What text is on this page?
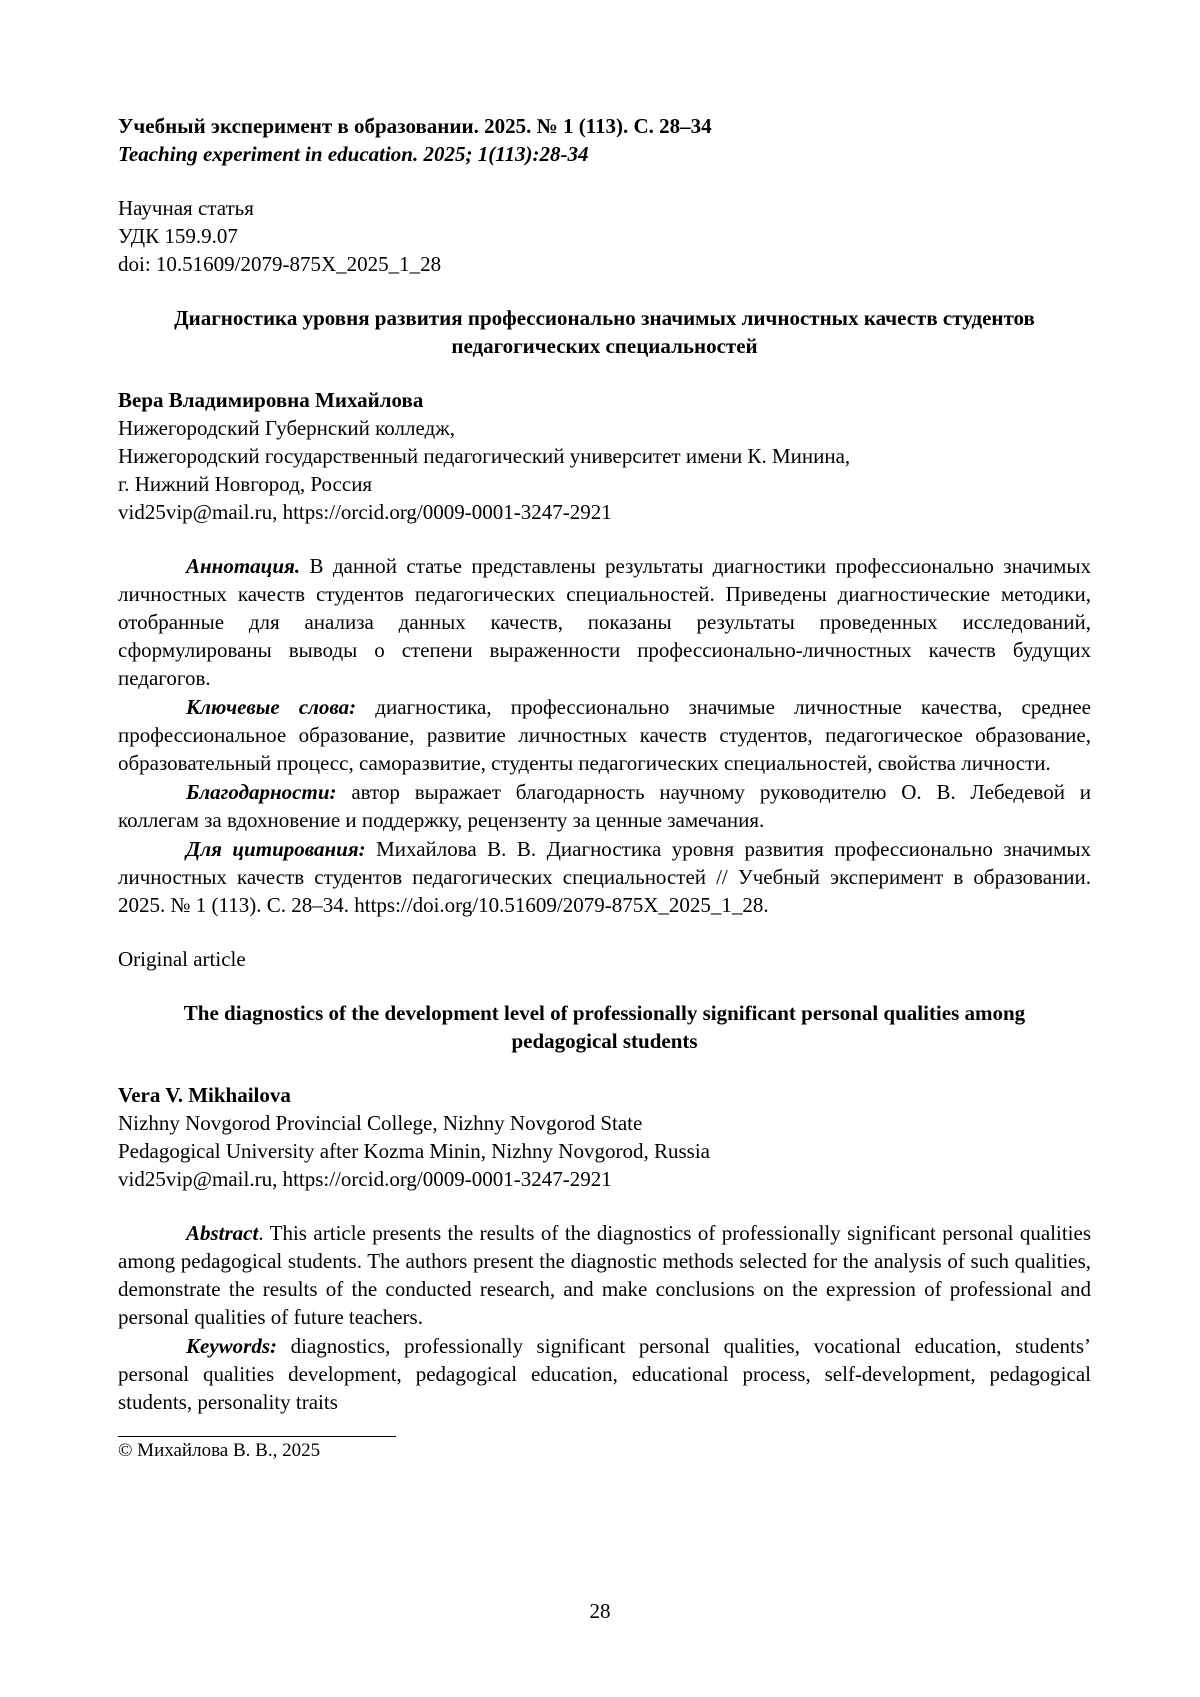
Учебный эксперимент в образовании. 2025. № 1 (113). С. 28–34
Teaching experiment in education. 2025; 1(113):28-34
Научная статья
УДК 159.9.07
doi: 10.51609/2079-875X_2025_1_28
Диагностика уровня развития профессионально значимых личностных качеств студентов педагогических специальностей
Вера Владимировна Михайлова
Нижегородский Губернский колледж,
Нижегородский государственный педагогический университет имени К. Минина,
г. Нижний Новгород, Россия
vid25vip@mail.ru, https://orcid.org/0009-0001-3247-2921

Аннотация. В данной статье представлены результаты диагностики профессионально значимых личностных качеств студентов педагогических специальностей. Приведены диагностические методики, отобранные для анализа данных качеств, показаны результаты проведенных исследований, сформулированы выводы о степени выраженности профессионально-личностных качеств будущих педагогов.

Ключевые слова: диагностика, профессионально значимые личностные качества, среднее профессиональное образование, развитие личностных качеств студентов, педагогическое образование, образовательный процесс, саморазвитие, студенты педагогических специальностей, свойства личности.

Благодарности: автор выражает благодарность научному руководителю О. В. Лебедевой и коллегам за вдохновение и поддержку, рецензенту за ценные замечания.

Для цитирования: Михайлова В. В. Диагностика уровня развития профессионально значимых личностных качеств студентов педагогических специальностей // Учебный эксперимент в образовании. 2025. № 1 (113). С. 28–34. https://doi.org/10.51609/2079-875X_2025_1_28.

Original article
The diagnostics of the development level of professionally significant personal qualities among pedagogical students
Vera V. Mikhailova
Nizhny Novgorod Provincial College, Nizhny Novgorod State
Pedagogical University after Kozma Minin, Nizhny Novgorod, Russia
vid25vip@mail.ru, https://orcid.org/0009-0001-3247-2921

Abstract. This article presents the results of the diagnostics of professionally significant personal qualities among pedagogical students. The authors present the diagnostic methods selected for the analysis of such qualities, demonstrate the results of the conducted research, and make conclusions on the expression of professional and personal qualities of future teachers.

Keywords: diagnostics, professionally significant personal qualities, vocational education, students’ personal qualities development, pedagogical education, educational process, self-development, pedagogical students, personality traits

© Михайлова В. В., 2025
28
